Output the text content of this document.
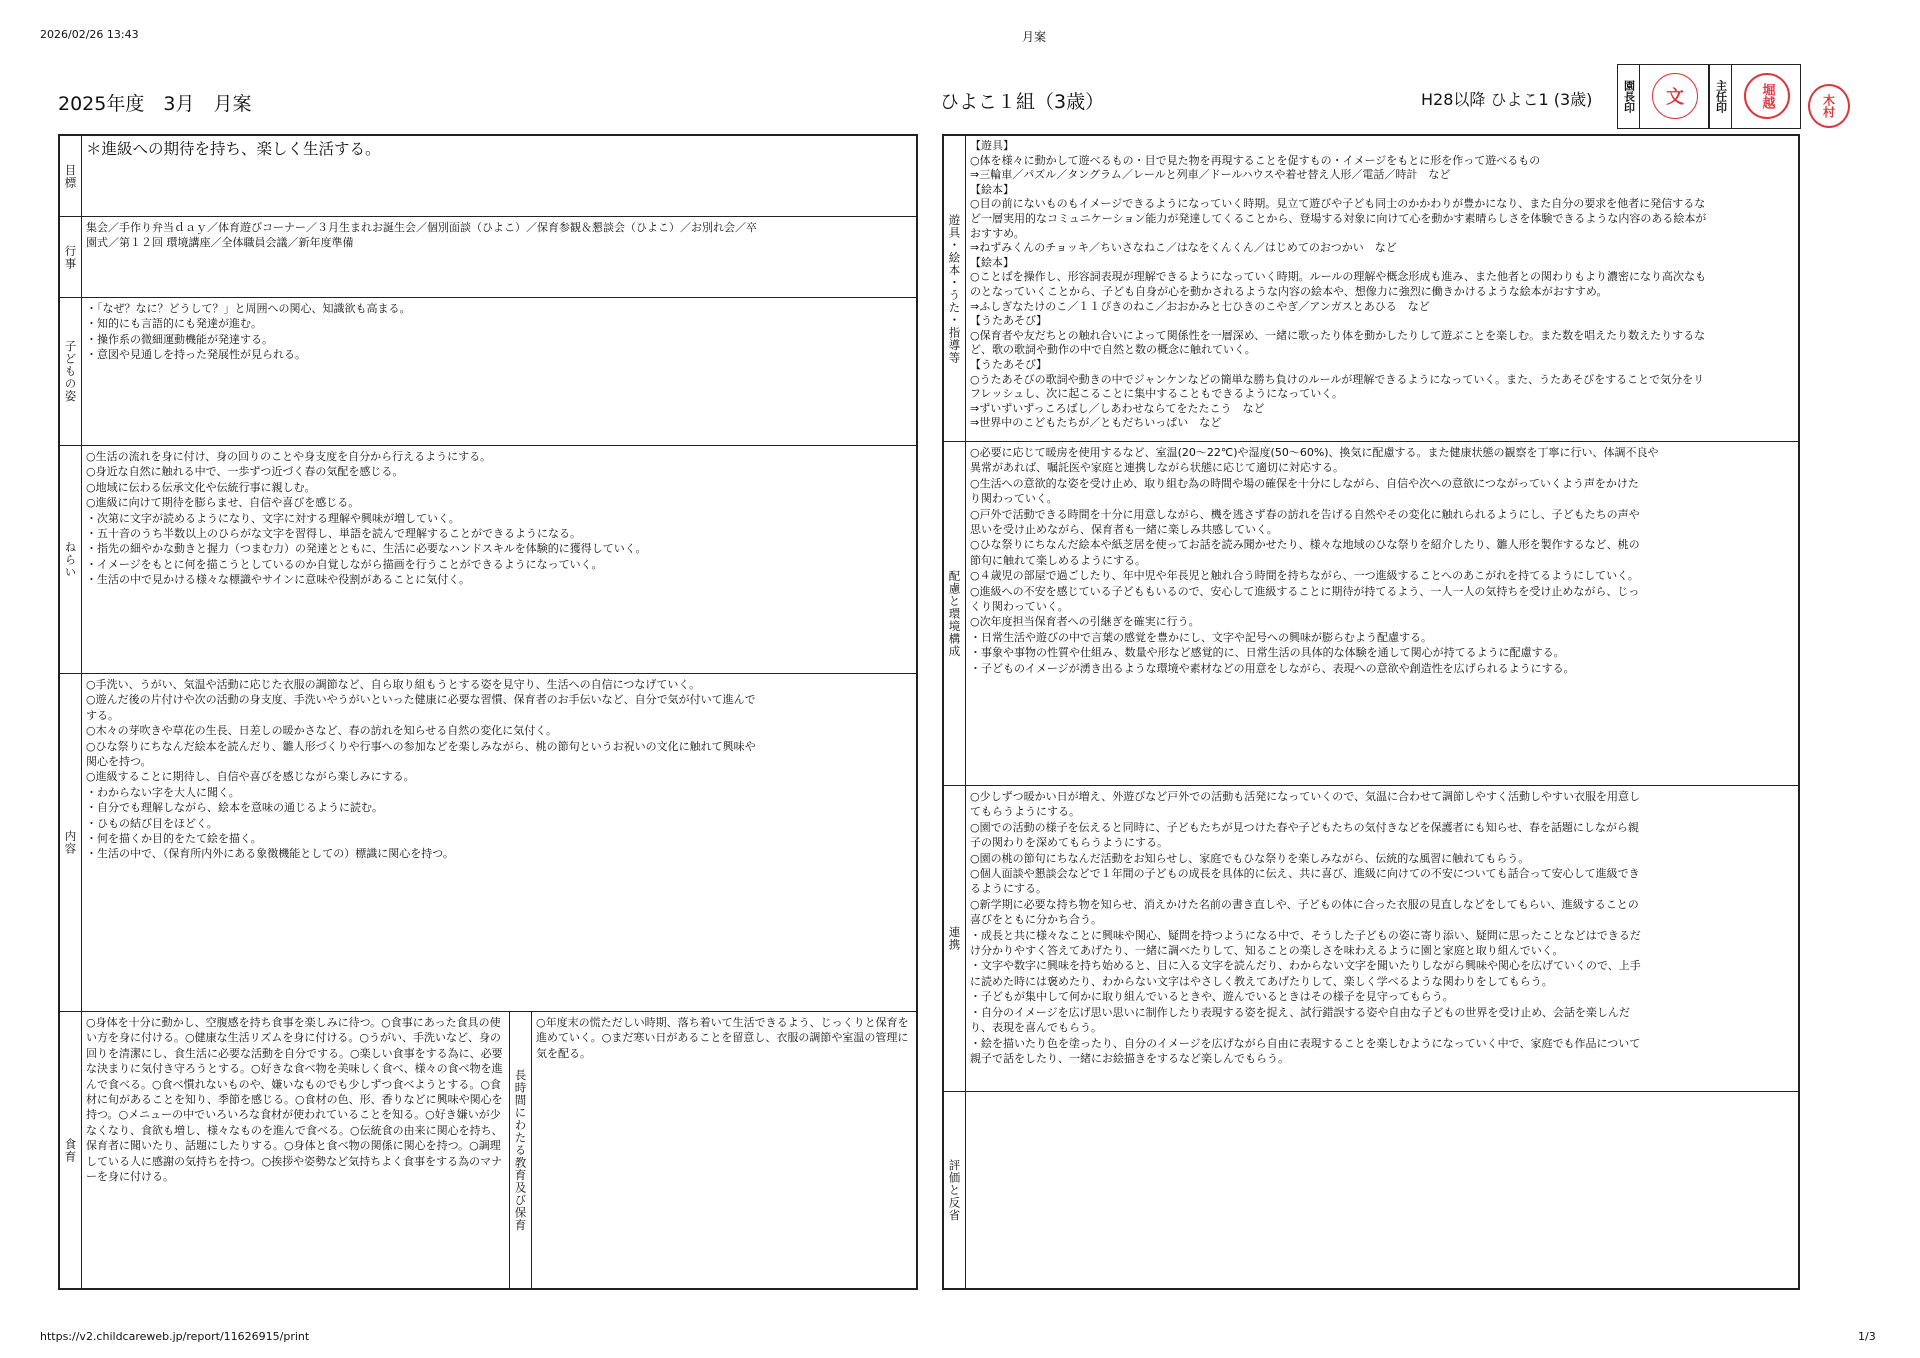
2026/02/26 13:43	月案
https://v2.childcareweb.jp/report/11626915/print	1/3
2025年度　3月　月案	ひよこ１組（3歳）	H28以降 ひよこ1 (3歳)	園長印	文	主任印	堀越	木村
目標
＊進級への期待を持ち、楽しく生活する。
行事
集会／手作り弁当ｄａｙ／体育遊びコーナー／３月生まれお誕生会／個別面談（ひよこ）／保育参観＆懇談会（ひよこ）／お別れ会／卒
園式／第１２回 環境講座／全体職員会議／新年度準備
子どもの姿
・「なぜ？なに？どうして？」と周囲への関心、知識欲も高まる。
・知的にも言語的にも発達が進む。
・操作系の微細運動機能が発達する。
・意図や見通しを持った発展性が見られる。
ねらい
○生活の流れを身に付け、身の回りのことや身支度を自分から行えるようにする。
○身近な自然に触れる中で、一歩ずつ近づく春の気配を感じる。
○地域に伝わる伝承文化や伝統行事に親しむ。
○進級に向けて期待を膨らませ、自信や喜びを感じる。
・次第に文字が読めるようになり、文字に対する理解や興味が増していく。
・五十音のうち半数以上のひらがな文字を習得し、単語を読んで理解することができるようになる。
・指先の細やかな動きと握力（つまむ力）の発達とともに、生活に必要なハンドスキルを体験的に獲得していく。
・イメージをもとに何を描こうとしているのか自覚しながら描画を行うことができるようになっていく。
・生活の中で見かける様々な標識やサインに意味や役割があることに気付く。
内容
○手洗い、うがい、気温や活動に応じた衣服の調節など、自ら取り組もうとする姿を見守り、生活への自信につなげていく。
○遊んだ後の片付けや次の活動の身支度、手洗いやうがいといった健康に必要な習慣、保育者のお手伝いなど、自分で気が付いて進んで
する。
○木々の芽吹きや草花の生長、日差しの暖かさなど、春の訪れを知らせる自然の変化に気付く。
○ひな祭りにちなんだ絵本を読んだり、雛人形づくりや行事への参加などを楽しみながら、桃の節句というお祝いの文化に触れて興味や
関心を持つ。
○進級することに期待し、自信や喜びを感じながら楽しみにする。
・わからない字を大人に聞く。
・自分でも理解しながら、絵本を意味の通じるように読む。
・ひもの結び目をほどく。
・何を描くか目的をたて絵を描く。
・生活の中で、（保育所内外にある象徴機能としての）標識に関心を持つ。
食育
○身体を十分に動かし、空腹感を持ち食事を楽しみに待つ。○食事にあった食具の使い方を身に付ける。○健康な生活リズムを身に付ける。○うがい、手洗いなど、身の回りを清潔にし、食生活に必要な活動を自分でする。○楽しい食事をする為に、必要な決まりに気付き守ろうとする。○好きな食べ物を美味しく食べ、様々の食べ物を進んで食べる。○食べ慣れないものや、嫌いなものでも少しずつ食べようとする。○食材に旬があることを知り、季節を感じる。○食材の色、形、香りなどに興味や関心を持つ。○メニューの中でいろいろな食材が使われていることを知る。○好き嫌いが少なくなり、食欲も増し、様々なものを進んで食べる。○伝統食の由来に関心を持ち、保育者に聞いたり、話題にしたりする。○身体と食べ物の関係に関心を持つ。○調理している人に感謝の気持ちを持つ。○挨拶や姿勢など気持ちよく食事をする為のマナーを身に付ける。	長時間にわたる教育及び保育
○年度末の慌ただしい時期、落ち着いて生活できるよう、じっくりと保育を進めていく。○まだ寒い日があることを留意し、衣服の調節や室温の管理に気を配る。
遊具・絵本・うた・指導等
【遊具】
○体を様々に動かして遊べるもの・目で見た物を再現することを促すもの・イメージをもとに形を作って遊べるもの
⇒三輪車／パズル／タングラム／レールと列車／ドールハウスや着せ替え人形／電話／時計　など
【絵本】
○目の前にないものもイメージできるようになっていく時期。見立て遊びや子ども同士のかかわりが豊かになり、また自分の要求を他者に発信するな
ど一層実用的なコミュニケーション能力が発達してくることから、登場する対象に向けて心を動かす素晴らしさを体験できるような内容のある絵本が
おすすめ。
⇒ねずみくんのチョッキ／ちいさなねこ／はなをくんくん／はじめてのおつかい　など
【絵本】
○ことばを操作し、形容詞表現が理解できるようになっていく時期。ルールの理解や概念形成も進み、また他者との関わりもより濃密になり高次なも
のとなっていくことから、子ども自身が心を動かされるような内容の絵本や、想像力に強烈に働きかけるような絵本がおすすめ。
⇒ふしぎなたけのこ／１１ぴきのねこ／おおかみと七ひきのこやぎ／アンガスとあひる　など
【うたあそび】
○保育者や友だちとの触れ合いによって関係性を一層深め、一緒に歌ったり体を動かしたりして遊ぶことを楽しむ。また数を唱えたり数えたりするな
ど、歌の歌詞や動作の中で自然と数の概念に触れていく。
【うたあそび】
○うたあそびの歌詞や動きの中でジャンケンなどの簡単な勝ち負けのルールが理解できるようになっていく。また、うたあそびをすることで気分をリ
フレッシュし、次に起こることに集中することもできるようになっていく。
⇒ずいずいずっころばし／しあわせならてをたたこう　など
⇒世界中のこどもたちが／ともだちいっぱい　など
配慮と環境構成
○必要に応じて暖房を使用するなど、室温(20～22℃)や湿度(50～60%)、換気に配慮する。また健康状態の観察を丁寧に行い、体調不良や
異常があれば、嘱託医や家庭と連携しながら状態に応じて適切に対応する。
○生活への意欲的な姿を受け止め、取り組む為の時間や場の確保を十分にしながら、自信や次への意欲につながっていくよう声をかけた
り関わっていく。
○戸外で活動できる時間を十分に用意しながら、機を逃さず春の訪れを告げる自然やその変化に触れられるようにし、子どもたちの声や
思いを受け止めながら、保育者も一緒に楽しみ共感していく。
○ひな祭りにちなんだ絵本や紙芝居を使ってお話を読み聞かせたり、様々な地域のひな祭りを紹介したり、雛人形を製作するなど、桃の
節句に触れて楽しめるようにする。
○４歳児の部屋で過ごしたり、年中児や年長児と触れ合う時間を持ちながら、一つ進級することへのあこがれを持てるようにしていく。
○進級への不安を感じている子どももいるので、安心して進級することに期待が持てるよう、一人一人の気持ちを受け止めながら、じっ
くり関わっていく。
○次年度担当保育者への引継ぎを確実に行う。
・日常生活や遊びの中で言葉の感覚を豊かにし、文字や記号への興味が膨らむよう配慮する。
・事象や事物の性質や仕組み、数量や形など感覚的に、日常生活の具体的な体験を通して関心が持てるように配慮する。
・子どものイメージが湧き出るような環境や素材などの用意をしながら、表現への意欲や創造性を広げられるようにする。
連携
○少しずつ暖かい日が増え、外遊びなど戸外での活動も活発になっていくので、気温に合わせて調節しやすく活動しやすい衣服を用意し
てもらうようにする。
○園での活動の様子を伝えると同時に、子どもたちが見つけた春や子どもたちの気付きなどを保護者にも知らせ、春を話題にしながら親
子の関わりを深めてもらうようにする。
○園の桃の節句にちなんだ活動をお知らせし、家庭でもひな祭りを楽しみながら、伝統的な風習に触れてもらう。
○個人面談や懇談会などで１年間の子どもの成長を具体的に伝え、共に喜び、進級に向けての不安についても話合って安心して進級でき
るようにする。
○新学期に必要な持ち物を知らせ、消えかけた名前の書き直しや、子どもの体に合った衣服の見直しなどをしてもらい、進級することの
喜びをともに分かち合う。
・成長と共に様々なことに興味や関心、疑問を持つようになる中で、そうした子どもの姿に寄り添い、疑問に思ったことなどはできるだ
け分かりやすく答えてあげたり、一緒に調べたりして、知ることの楽しさを味わえるように園と家庭と取り組んでいく。
・文字や数字に興味を持ち始めると、目に入る文字を読んだり、わからない文字を聞いたりしながら興味や関心を広げていくので、上手
に読めた時には褒めたり、わからない文字はやさしく教えてあげたりして、楽しく学べるような関わりをしてもらう。
・子どもが集中して何かに取り組んでいるときや、遊んでいるときはその様子を見守ってもらう。
・自分のイメージを広げ思い思いに制作したり表現する姿を捉え、試行錯誤する姿や自由な子どもの世界を受け止め、会話を楽しんだ
り、表現を喜んでもらう。
・絵を描いたり色を塗ったり、自分のイメージを広げながら自由に表現することを楽しむようになっていく中で、家庭でも作品について
親子で話をしたり、一緒にお絵描きをするなど楽しんでもらう。
評価と反省
